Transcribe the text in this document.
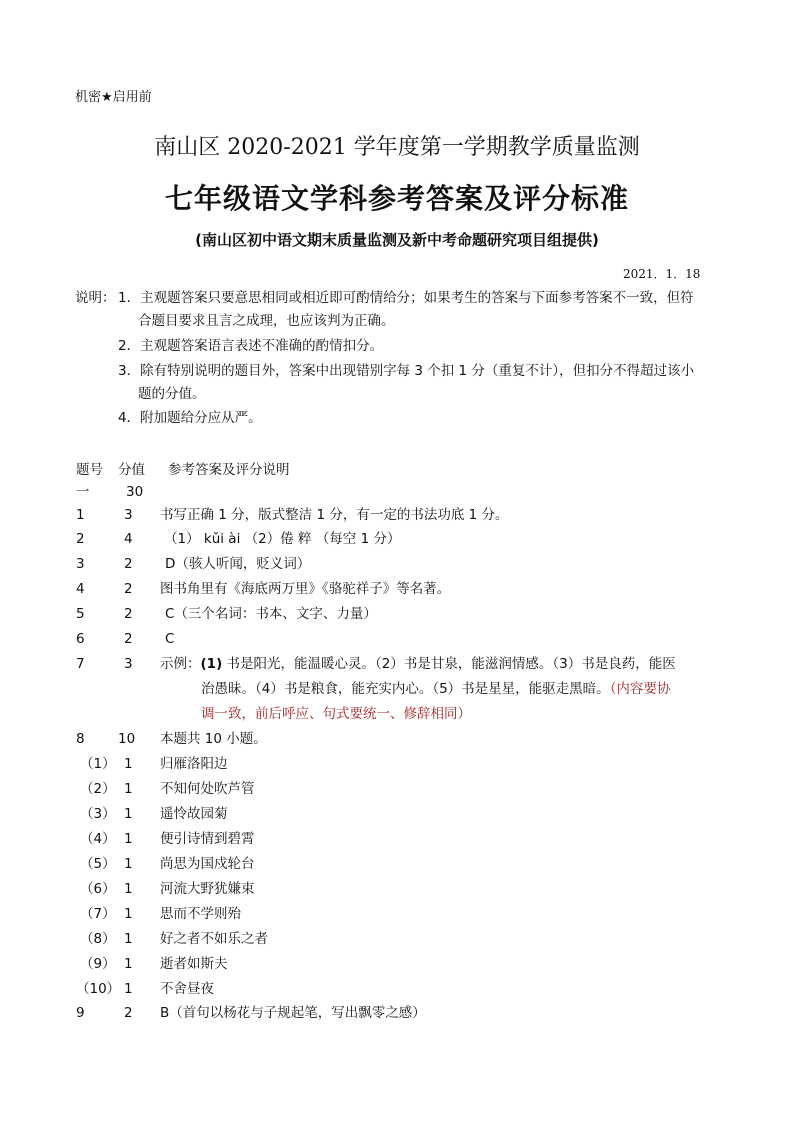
机密★启用前
南山区 2020-2021 学年度第一学期教学质量监测
七年级语文学科参考答案及评分标准
(南山区初中语文期末质量监测及新中考命题研究项目组提供)
2021．1．18
说明： 1．主观题答案只要意思相同或相近即可酌情给分；如果考生的答案与下面参考答案不一致，但符
合题目要求且言之成理，也应该判为正确。
2．主观题答案语言表述不准确的酌情扣分。
3．除有特别说明的题目外，答案中出现错别字每 3 个扣 1 分（重复不计），但扣分不得超过该小
题的分值。
4．附加题给分应从严。
题号 分值 参考答案及评分说明
一	30
1	3 书写正确 1 分，版式整洁 1 分，有一定的书法功底 1 分。
2	4 （1） kǔi ài （2）倦 粹 （每空 1 分）
3	2 D（骇人听闻，贬义词）
4	2 图书角里有《海底两万里》《骆驼祥子》等名著。
5	2 C（三个名词：书本、文字、力量）
6	2 C
7	3 示例：(1) 书是阳光，能温暖心灵。（2）书是甘泉，能滋润情感。（3）书是良药，能医
治愚昧。（4）书是粮食，能充实内心。（5）书是星星，能驱走黑暗。（内容要协
调一致，前后呼应、句式要统一、修辞相同）
8 10 本题共 10 小题。
（1） 1 归雁洛阳边
（2） 1 不知何处吹芦管
（3） 1 遥怜故园菊
（4） 1 便引诗情到碧霄
（5） 1 尚思为国戍轮台
（6） 1 河流大野犹嫌束
（7） 1 思而不学则殆
（8） 1 好之者不如乐之者
（9） 1 逝者如斯夫
（10） 1 不舍昼夜
9	2 B（首句以杨花与子规起笔，写出飘零之感）
